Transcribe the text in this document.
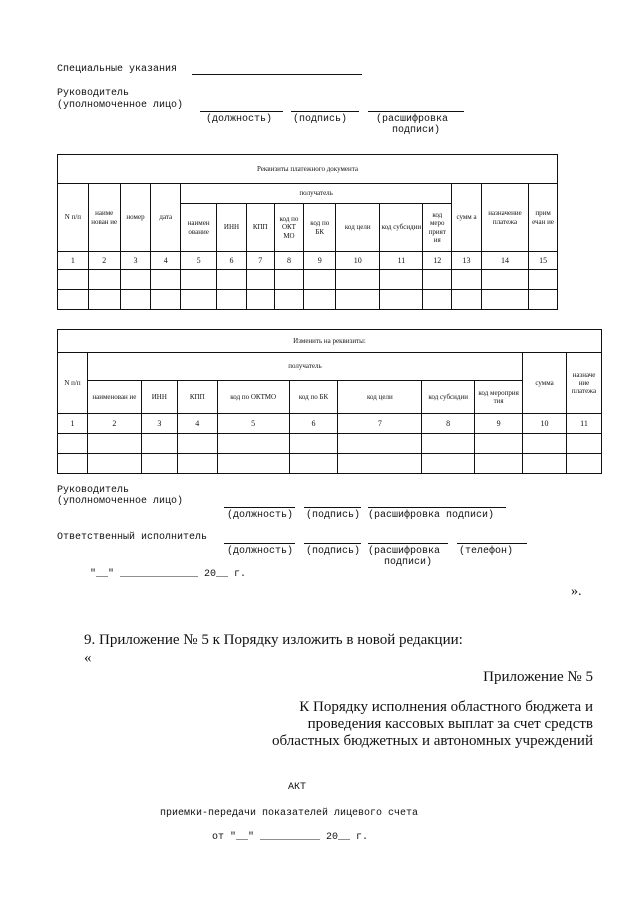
Специальные указания
Руководитель
(уполномоченное лицо)
(должность) (подпись)	(расшифровка
подписи)
Реквизиты платежного документа														
N п/п	наиме нован ие	номер	дата	получатель								сумм а	назначение платежа	прим ечан ие
				наимен ование	ИНН	КПП	код по ОКТ МО	код по БК	код цели	код субсидии	код меро прият ия			
1	2	3	4	5	6	7	8	9	10	11	12	13	14	15

Изменить на реквизиты:										
N п/п	получатель								сумма	назначе ние платежа
	наименован ие	ИНН	КПП	код по ОКТМО	код по БК	код цели	код субсидии	код мероприя тия		
1	2	3	4	5	6	7	8	9	10	11

Руководитель
(уполномоченное лицо)
(должность) (подпись) (расшифровка подписи)
Ответственный исполнитель
(должность) (подпись) (расшифровка
подписи)
(телефон)
"__" _____________ 20__ г.
».
9. Приложение № 5 к Порядку изложить в новой редакции:
«
Приложение № 5
К Порядку исполнения областного бюджета и
проведения кассовых выплат за счет средств
областных бюджетных и автономных учреждений
АКТ
приемки-передачи показателей лицевого счета
от "__" __________ 20__ г.
